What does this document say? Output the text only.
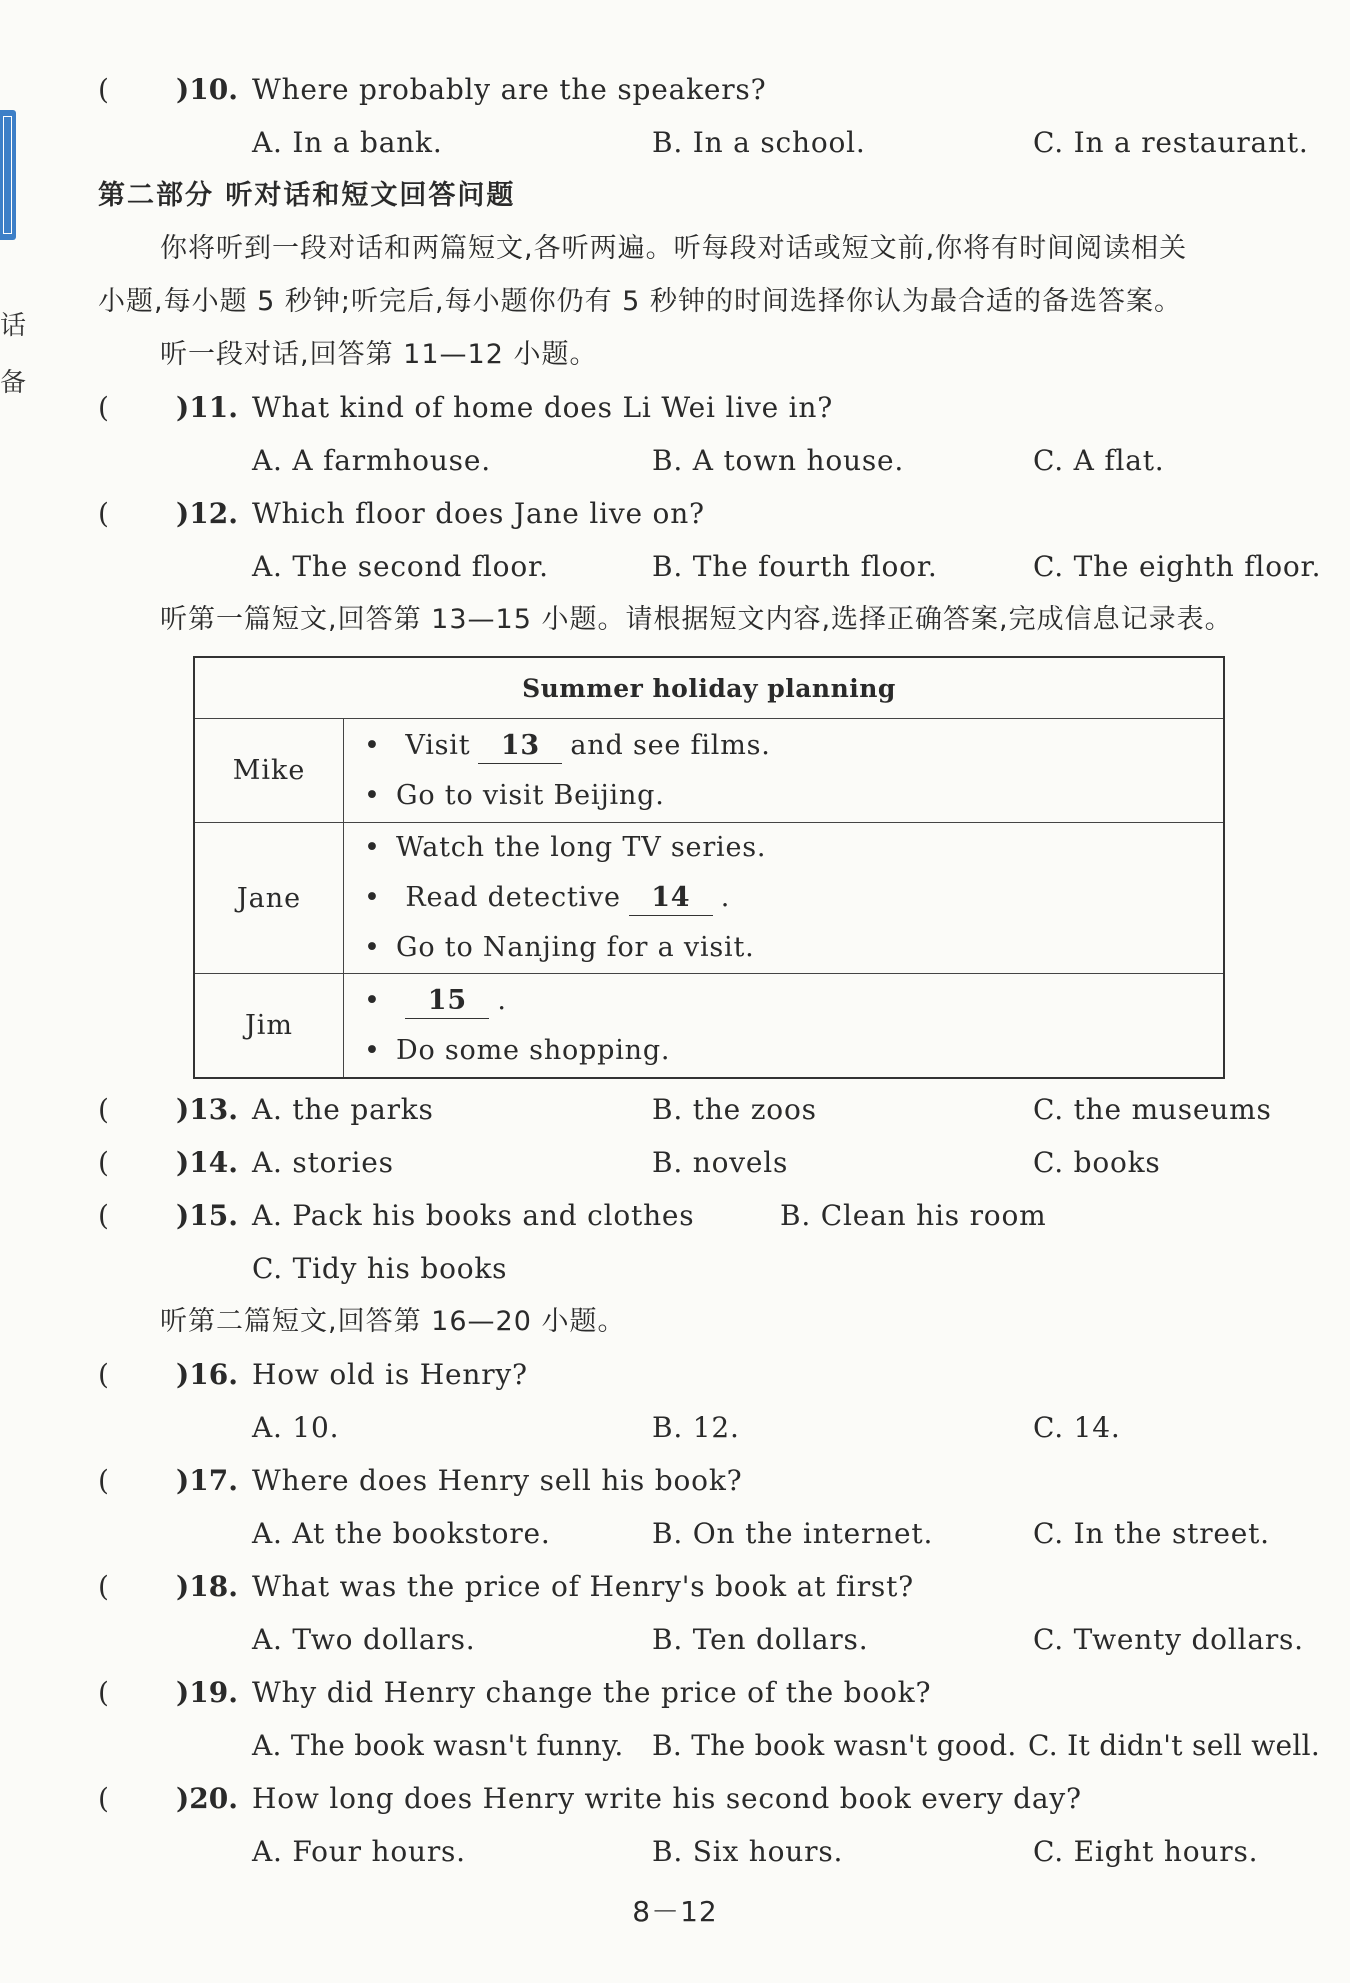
话
备
( )10. Where probably are the speakers?
A. In a bank.	B. In a school.	C. In a restaurant.
第二部分 听对话和短文回答问题
你将听到一段对话和两篇短文,各听两遍。听每段对话或短文前,你将有时间阅读相关
小题,每小题 5 秒钟;听完后,每小题你仍有 5 秒钟的时间选择你认为最合适的备选答案。
听一段对话,回答第 11—12 小题。
( )11. What kind of home does Li Wei live in?
A. A farmhouse.	B. A town house.	C. A flat.
( )12. Which floor does Jane live on?
A. The second floor.	B. The fourth floor.	C. The eighth floor.
听第一篇短文,回答第 13—15 小题。请根据短文内容,选择正确答案,完成信息记录表。
Summer holiday planning	
Mike	• Visit 13 and see films.
• Go to visit Beijing.

Jane	• Watch the long TV series.
• Read detective 14 .
• Go to Nanjing for a visit.

Jim	• 15 .
• Do some shopping.
( )13. A. the parks	B. the zoos	C. the museums
( )14. A. stories	B. novels	C. books
( )15. A. Pack his books and clothes	B. Clean his room
C. Tidy his books
听第二篇短文,回答第 16—20 小题。
( )16. How old is Henry?
A. 10.	B. 12.	C. 14.
( )17. Where does Henry sell his book?
A. At the bookstore.	B. On the internet.	C. In the street.
( )18. What was the price of Henry's book at first?
A. Two dollars.	B. Ten dollars.	C. Twenty dollars.
( )19. Why did Henry change the price of the book?
A. The book wasn't funny. B. The book wasn't good. C. It didn't sell well.
( )20. How long does Henry write his second book every day?
A. Four hours.	B. Six hours.	C. Eight hours.
8－12
